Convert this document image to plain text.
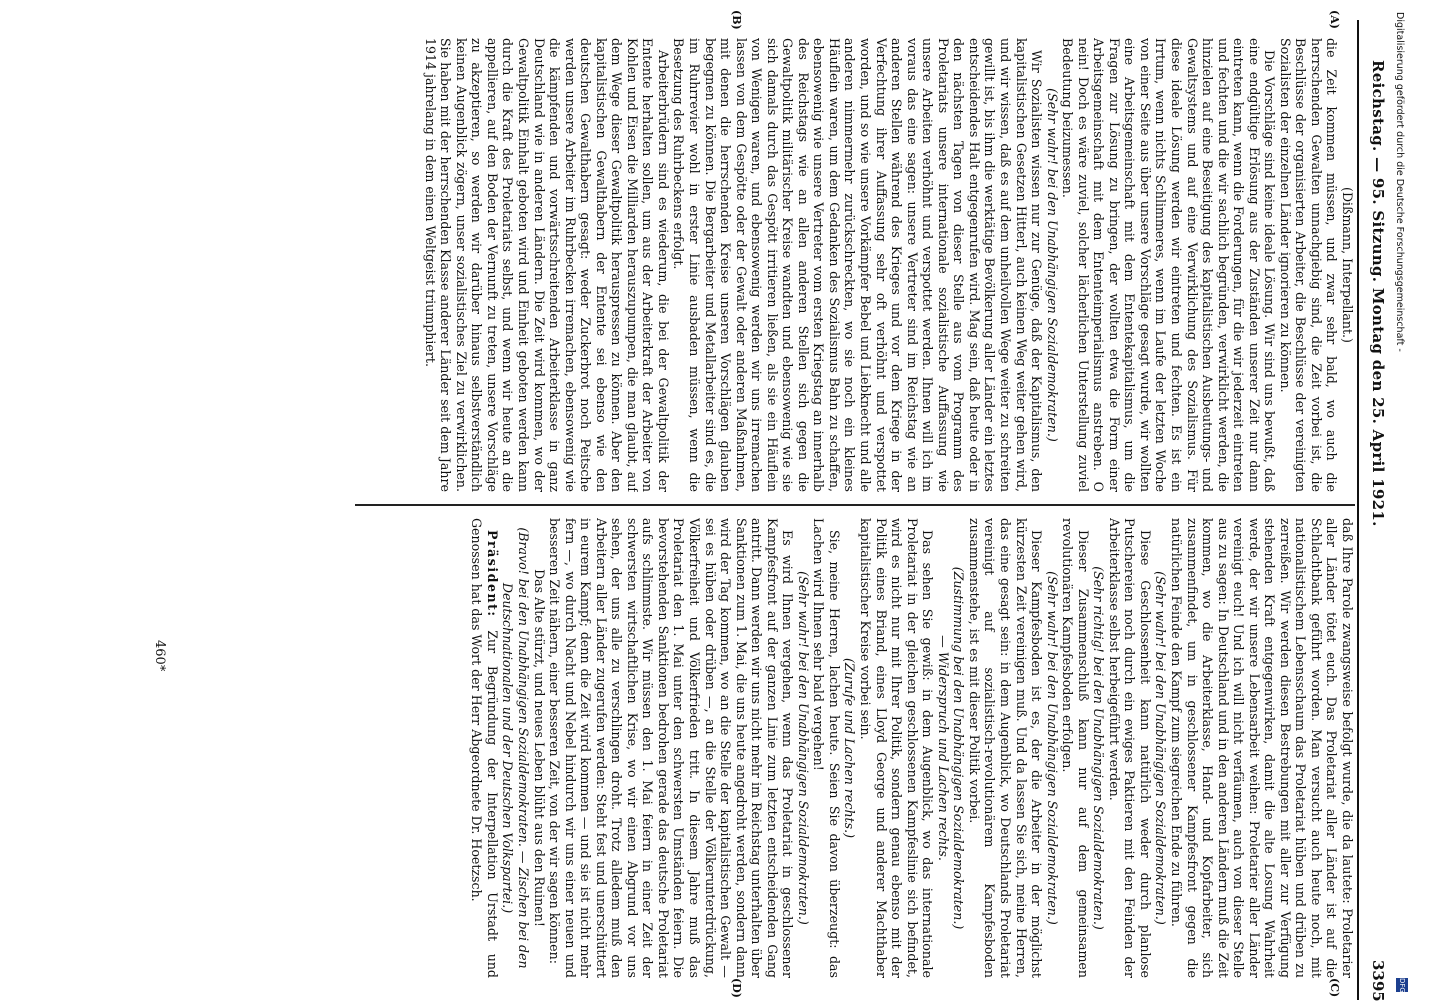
Reichstag. — 95. Sitzung. Montag den 25. April 1921.
3395
(A)
(B)
(C)
(D)

(Dißmann, Interpellant.)

die Zeit kommen müssen, und zwar sehr bald, wo auch die herrschenden Gewalten unnachgiebig sind, die Zeit vorbei ist, die Beschlüsse der organisierten Arbeiter, die Beschlüsse der vereinigten Sozialisten der einzelnen Länder ignorieren zu können.

Die Vorschläge sind keine ideale Lösung. Wir sind uns bewußt, daß eine endgültige Erlösung aus der Zuständen unserer Zeit nur dann eintreten kann, wenn die Forderungen, für die wir jederzeit eintreten und fechten und die wir sachlich begründen, verwirklicht werden, die hinzielen auf eine Beseitigung des kapitalistischen Ausbeutungs- und Gewaltsystems und auf eine Verwirklichung des Sozialismus. Für diese ideale Lösung werden wir eintreten und fechten. Es ist ein Irrtum, wenn nichts Schlimmeres, wenn im Laufe der letzten Woche von einer Seite aus über unsere Vorschläge gesagt wurde, wir wollten eine Arbeitsgemeinschaft mit dem Ententekapitalismus, um die Fragen zur Lösung zu bringen, der wollten etwa die Form einer Arbeitsgemeinschaft mit dem Ententeimperialismus anstreben. O nein! Doch es wäre zuviel, solcher lächerlichen Unterstellung zuviel Bedeutung beizumessen.

(Sehr wahr! bei den Unabhängigen Sozialdemokraten.)

Wir Sozialisten wissen nur zur Genüge, daß der Kapitalismus, den kapitalistischen Gesetzen Hitterl, auch keinen Weg weiter gehen wird, und wir wissen, daß es auf dem unheilvollen Wege weiter zu schreiten gewillt ist, bis ihm die werktätige Bevölkerung aller Länder ein letztes entscheidendes Halt entgegenrufen wird. Mag sein, daß heute oder in den nächsten Tagen von dieser Stelle aus vom Programm des Proletariats unsere internationale sozialistische Auffassung wie unsere Arbeiten verhöhnt und verspottet werden. Ihnen will ich im voraus das eine sagen: unsere Vertreter sind im Reichstag wie an anderen Stellen während des Krieges und vor dem Kriege in der Verfechtung ihrer Auffassung sehr oft verhöhnt und verspottet worden, und so wie unsere Vorkämpfer Bebel und Liebknecht und alle anderen nimmermehr zurückschreckten, wo sie noch ein kleines Häuflein waren, um dem Gedanken des Sozialismus Bahn zu schaffen, ebensowenig wie unsere Vertreter vom ersten Kriegstag an innerhalb des Reichstags wie an allen anderen Stellen sich gegen die Gewaltpolitik militärischer Kreise wandten und ebensowenig wie sie sich damals durch das Gespött irritieren ließen, als sie ein Häuflein von Wenigen waren, und ebensowenig werden wir uns irremachen lassen von dem Gespötte oder der Gewalt oder anderen Maßnahmen, mit denen die herrschenden Kreise unseren Vorschlägen glauben begegnen zu können. Die Bergarbeiter und Metallarbeiter sind es, die im Ruhrrevier wohl in erster Linie ausbaden müssen, wenn die Besetzung des Ruhrbeckens erfolgt.

Arbeiterbrüdern sind es wiederum, die bei der Gewaltpolitik der Entente herhalten sollen, um aus der Arbeiterkraft der Arbeiter von Kohlen und Eisen die Milliarden herauszupumpen, die man glaubt, auf dem Wege dieser Gewaltpolitik herauspressen zu können. Aber den kapitalistischen Gewalthabern der Entente sei ebenso wie den deutschen Gewalthabern gesagt: weder Zuckerbrot noch Peitsche werden unsere Arbeiter im Ruhrbecken irremachen, ebensowenig wie die kämpfenden und vorwärtsschreitenden Arbeiterklasse in ganz Deutschland wie in anderen Ländern. Die Zeit wird kommen, wo der Gewaltpolitik Einhalt geboten wird und Einheit geboten werden kann durch die Kraft des Proletariats selbst, und wenn wir heute an die appellieren, auf den Boden der Vernunft zu treten, unsere Vorschläge zu akzeptieren, so werden wir darüber hinaus selbstverständlich keinen Augenblick zögern, unser sozialistisches Ziel zu verwirklichen. Sie haben mit der herrschenden Klasse anderer Länder seit dem Jahre 1914 jahrelang in dem einen Weltgeist triumphiert.

daß Ihre Parole zwangsweise befolgt wurde, die da lautete: Proletarier aller Länder tötet euch. Das Proletariat aller Länder ist auf die Schlachtbank geführt worden. Man versucht auch heute noch, mit nationalistischem Lebensschaum das Proletariat hüben und drüben zu zerreißen. Wir werden diesen Bestrebungen mit aller zur Verfügung stehenden Kraft entgegenwirken, damit die alte Losung Wahrheit werde, der wir unsere Lebensarbeit weihen: Proletarier aller Länder vereinigt euch! Und ich will nicht verfäumen, auch von dieser Stelle aus zu sagen: In Deutschland und in den anderen Ländern muß die Zeit kommen, wo die Arbeiterklasse, Hand- und Kopfarbeiter, sich zusammenfindet, um in geschlossener Kampfesfront gegen die natürlichen Feinde den Kampf zum siegreichen Ende zu führen.

(Sehr wahr! bei den Unabhängigen Sozialdemokraten.)

Diese Geschlossenheit kann natürlich weder durch planlose Putschereien noch durch ein ewiges Paktieren mit den Feinden der Arbeiterklasse selbst herbeigeführt werden.

(Sehr richtig! bei den Unabhängigen Sozialdemokraten.)

Dieser Zusammenschluß kann nur auf dem gemeinsamen revolutionären Kampfesboden erfolgen.

(Sehr wahr! bei den Unabhängigen Sozialdemokraten.)

Dieser Kampfesboden ist es, der die Arbeiter in der möglichst kürzesten Zeit vereinigen muß. Und da lassen Sie sich, meine Herren, das eine gesagt sein: in dem Augenblick, wo Deutschlands Proletariat vereinigt auf sozialistisch-revolutionärem Kampfesboden zusammenstehe, ist es mit dieser Politik vorbei.

(Zustimmung bei den Unabhängigen Sozialdemokraten.)

— Widerspruch und Lachen rechts.

Das sehen Sie gewiß: in dem Augenblick, wo das internationale Proletariat in der gleichen geschlossenen Kampfeslinie sich befindet, wird es nicht nur mit Ihrer Politik, sondern genau ebenso mit der Politik eines Briand, eines Lloyd George und anderer Machthaber kapitalistischer Kreise vorbei sein.

(Zurufe und Lachen rechts.)

Sie, meine Herren, lachen heute. Seien Sie davon überzeugt: das Lachen wird Ihnen sehr bald vergehen!

(Sehr wahr! bei den Unabhängigen Sozialdemokraten.)

Es wird Ihnen vergehen, wenn das Proletariat in geschlossener Kampfesfront auf der ganzen Linie zum letzten entscheidenden Gang antritt. Dann werden wir uns nicht mehr im Reichstag unterhalten über Sanktionen zum 1. Mai, die uns heute angedroht werden, sondern dann wird der Tag kommen, wo an die Stelle der kapitalistischen Gewalt — sei es hüben oder drüben —, an die Stelle der Völkerunterdrückung, Völkerfreiheit und Völkerfrieden tritt. In diesem Jahre muß das Proletariat den 1. Mai unter den schwersten Umständen feiern. Die bevorstehenden Sanktionen bedrohen gerade das deutsche Proletariat aufs schlimmste. Wir müssen den 1. Mai feiern in einer Zeit der schwersten wirtschaftlichen Krise, wo wir einen Abgrund vor uns sehen, der uns alle zu verschlingen droht. Trotz alledem muß den Arbeitern aller Länder zugerufen werden: Steht fest und unerschüttert in eurem Kampf; denn die Zeit wird kommen — und sie ist nicht mehr fern —, wo durch Nacht und Nebel hindurch wir uns einer neuen und besseren Zeit nähern, einer besseren Zeit, von der wir sagen können:

Das Alte stürzt, und neues Leben blüht aus den Ruinen!

(Bravo! bei den Unabhängigen Sozialdemokraten. — Zischen bei den Deutschnationalen und der Deutschen Volkspartei.)

Präsident: Zur Begründung der Interpellation Urstadt und Genossen hat das Wort der Herr Abgeordnete Dr. Hoetzsch.

460*
Digitalisierung gefördert durch die Deutsche Forschungsgemeinschaft -
DFG
